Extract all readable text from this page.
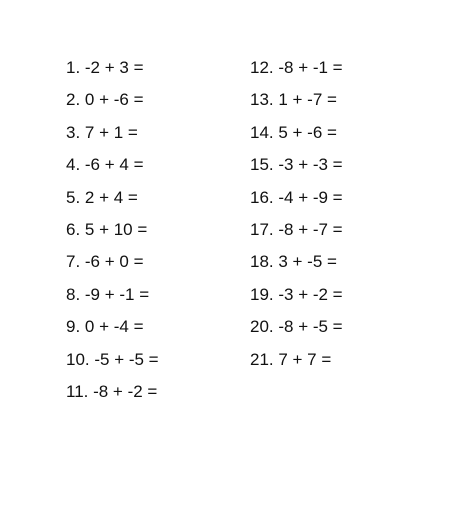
1. -2 + 3 =
2. 0 + -6 =
3. 7 + 1 =
4. -6 + 4 =
5. 2 + 4 =
6. 5 + 10 =
7. -6 + 0 =
8. -9 + -1 =
9. 0 + -4 =
10. -5 + -5 =
11. -8 + -2 =
12. -8 + -1 =
13. 1 + -7 =
14. 5 + -6 =
15. -3 + -3 =
16. -4 + -9 =
17. -8 + -7 =
18. 3 + -5 =
19. -3 + -2 =
20. -8 + -5 =
21. 7 + 7 =
